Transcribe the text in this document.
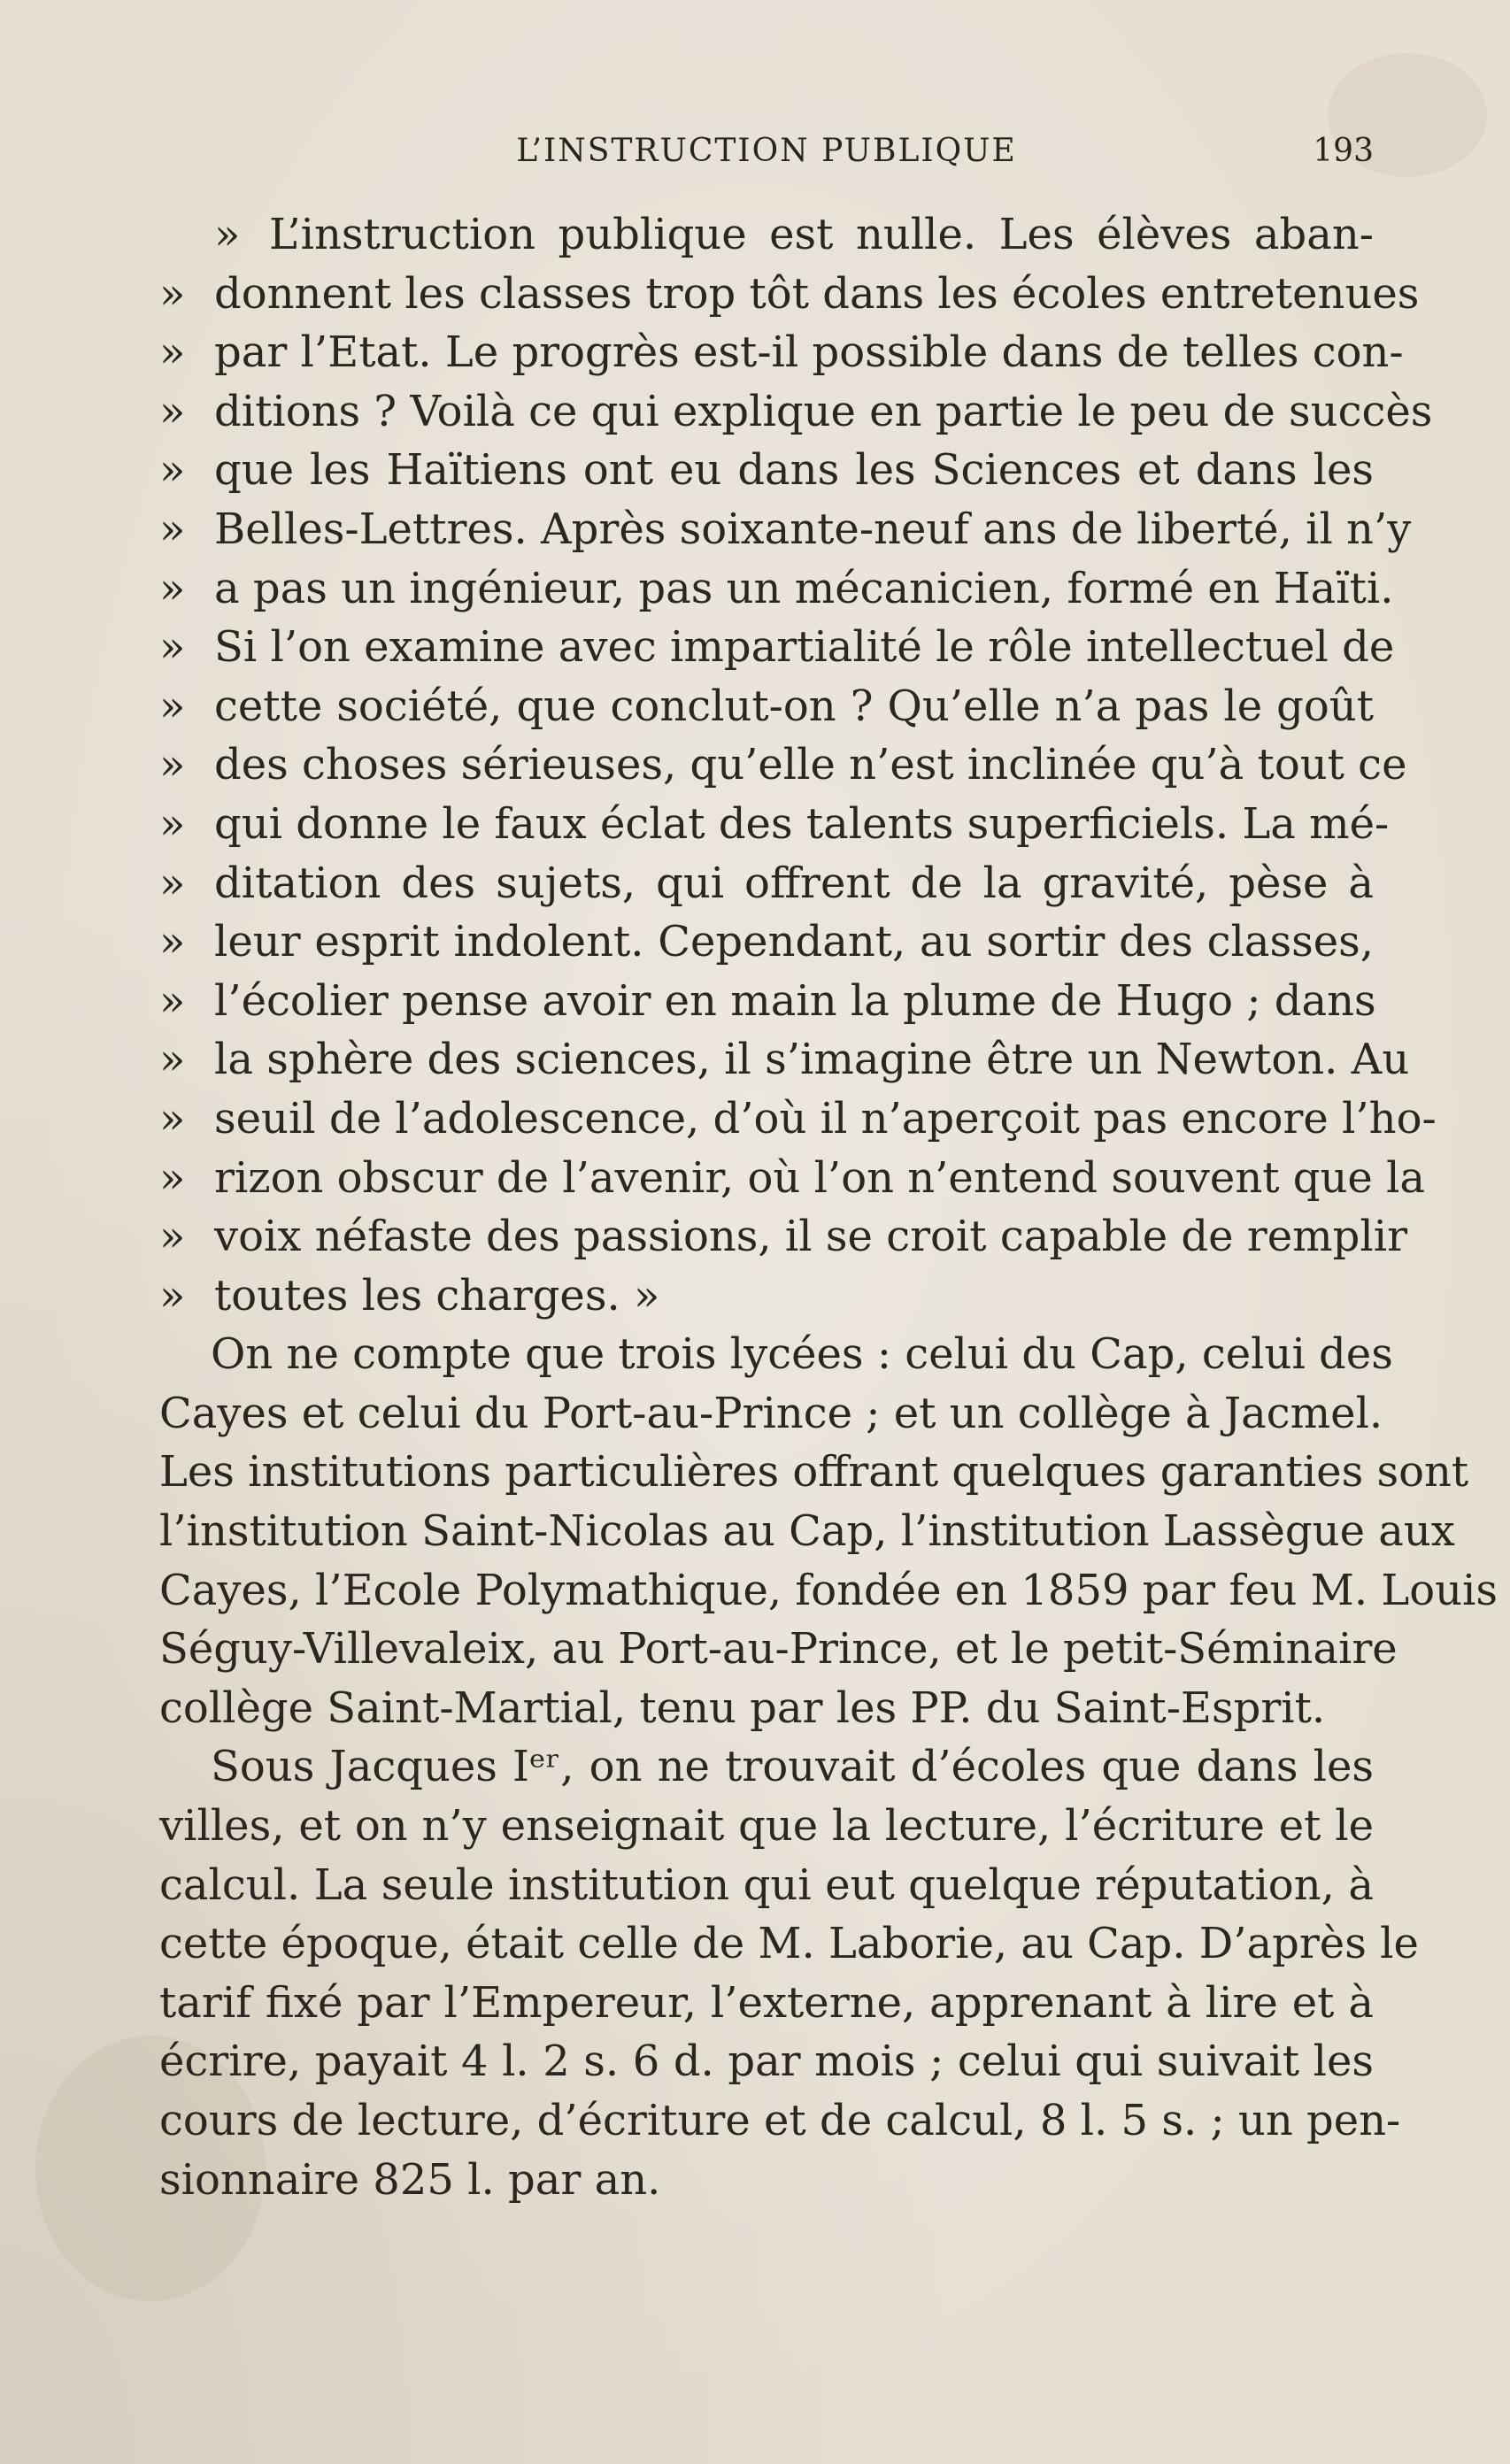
L’INSTRUCTION PUBLIQUE	193
» L’instruction publique est nulle. Les élèves aban-
» donnent les classes trop tôt dans les écoles entretenues
» par l’Etat. Le progrès est-il possible dans de telles con-
» ditions ? Voilà ce qui explique en partie le peu de succès
» que les Haïtiens ont eu dans les Sciences et dans les
» Belles-Lettres. Après soixante-neuf ans de liberté, il n’y
» a pas un ingénieur, pas un mécanicien, formé en Haïti.
» Si l’on examine avec impartialité le rôle intellectuel de
» cette société, que conclut-on ? Qu’elle n’a pas le goût
» des choses sérieuses, qu’elle n’est inclinée qu’à tout ce
» qui donne le faux éclat des talents superficiels. La mé-
» ditation des sujets, qui offrent de la gravité, pèse à
» leur esprit indolent. Cependant, au sortir des classes,
» l’écolier pense avoir en main la plume de Hugo ; dans
» la sphère des sciences, il s’imagine être un Newton. Au
» seuil de l’adolescence, d’où il n’aperçoit pas encore l’ho-
» rizon obscur de l’avenir, où l’on n’entend souvent que la
» voix néfaste des passions, il se croit capable de remplir
» toutes les charges. »
On ne compte que trois lycées : celui du Cap, celui des
Cayes et celui du Port-au-Prince ; et un collège à Jacmel.
Les institutions particulières offrant quelques garanties sont
l’institution Saint-Nicolas au Cap, l’institution Lassègue aux
Cayes, l’Ecole Polymathique, fondée en 1859 par feu M. Louis
Séguy-Villevaleix, au Port-au-Prince, et le petit-Séminaire
collège Saint-Martial, tenu par les PP. du Saint-Esprit.
Sous Jacques Iᵉʳ, on ne trouvait d’écoles que dans les
villes, et on n’y enseignait que la lecture, l’écriture et le
calcul. La seule institution qui eut quelque réputation, à
cette époque, était celle de M. Laborie, au Cap. D’après le
tarif fixé par l’Empereur, l’externe, apprenant à lire et à
écrire, payait 4 l. 2 s. 6 d. par mois ; celui qui suivait les
cours de lecture, d’écriture et de calcul, 8 l. 5 s. ; un pen-
sionnaire 825 l. par an.
